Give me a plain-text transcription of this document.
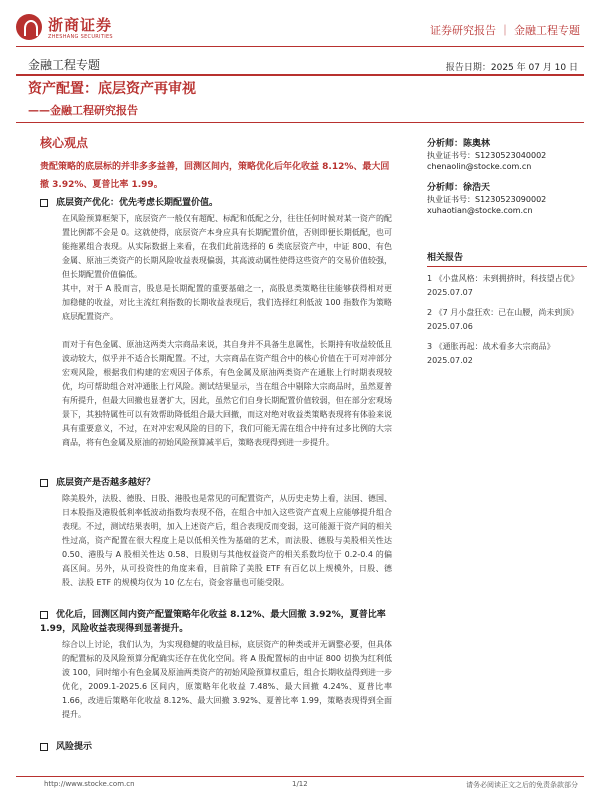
浙商证券
ZHESHANG SECURITIES	证券研究报告 ｜ 金融工程专题
金融工程专题	报告日期：2025 年 07 月 10 日
资产配置：底层资产再审视
——金融工程研究报告
核心观点
贵配策略的底层标的并非多多益善，回测区间内，策略优化后年化收益 8.12%、最大回撤 3.92%、夏普比率 1.99。
底层资产优化：优先考虑长期配置价值。
在风险预算框架下，底层资产一般仅有超配、标配和低配之分，往往任何时候对某一资产的配置比例都不会是 0。这就使得，底层资产本身应具有长期配置价值，否则即便长期低配，也可能拖累组合表现。从实际数据上来看，在我们此前选择的 6 类底层资产中，中证 800、有色金属、原油三类资产的长期风险收益表现偏弱，其高波动属性使得这些资产的交易价值较强，但长期配置价值偏低。
其中，对于 A 股而言，股息是长期配置的重要基础之一，高股息类策略往往能够获得相对更加稳健的收益，对比主流红利指数的长期收益表现后，我们选择红利低波 100 指数作为策略底层配置资产。
而对于有色金属、原油这两类大宗商品来说，其自身并不具备生息属性，长期持有收益较低且波动较大，似乎并不适合长期配置。不过，大宗商品在资产组合中的核心价值在于可对冲部分宏观风险，根据我们构建的宏观因子体系，有色金属及原油两类资产在通胀上行时期表现较优，均可帮助组合对冲通胀上行风险。测试结果显示，当在组合中剔除大宗商品时，虽然夏普有所提升，但最大回撤也显著扩大，因此，虽然它们自身长期配置价值较弱，但在部分宏观场景下，其独特属性可以有效帮助降低组合最大回撤，而这对绝对收益类策略表现将有体验来说具有重要意义，不过，在对冲宏观风险的目的下，我们可能无需在组合中持有过多比例的大宗商品，将有色金属及原油的初始风险预算减半后，策略表现得到进一步提升。
底层资产是否越多越好？
除美股外，法股、德股、日股、港股也是常见的可配置资产，从历史走势上看，法国、德国、日本股指及港股低利率低波动指数均表现不俗，在组合中加入这些资产直观上应能够提升组合表现。不过，测试结果表明，加入上述资产后，组合表现反而变弱，这可能源于资产间的相关性过高，资产配置在很大程度上是以低相关性为基础的艺术，而法股、德股与美股相关性达 0.50、港股与 A 股相关性达 0.58、日股则与其他权益资产的相关系数均位于 0.2-0.4 的偏高区间。另外，从可投资性的角度来看，目前除了美股 ETF 有百亿以上规模外，日股、德股、法股 ETF 的规模均仅为 10 亿左右，资金容量也可能受限。
优化后，回测区间内资产配置策略年化收益 8.12%、最大回撤 3.92%，夏普比率 1.99，风险收益表现得到显著提升。
综合以上讨论，我们认为，为实现稳健的收益目标，底层资产的种类或并无调整必要，但具体的配置标的及风险预算分配确实还存在优化空间。将 A 股配置标的由中证 800 切换为红利低波 100，同时缩小有色金属及原油两类资产的初始风险预算权重后，组合长期收益得到进一步优化，2009.1-2025.6 区间内，原策略年化收益 7.48%、最大回撤 4.24%、夏普比率 1.66，改进后策略年化收益 8.12%、最大回撤 3.92%、夏普比率 1.99，策略表现得到全面提升。
风险提示
分析师：陈奥林
执业证书号：S1230523040002
chenaolin@stocke.com.cn
分析师：徐浩天
执业证书号：S1230523090002
xuhaotian@stocke.com.cn
相关报告
1 《小盘风格：未到拥挤时，科技望占优》 2025.07.07
2 《7 月小盘狂欢：已在山腰，尚未到顶》 2025.07.06
3 《通胀再起：战术看多大宗商品》 2025.07.02
http://www.stocke.com.cn	1/12	请务必阅读正文之后的免责条款部分
